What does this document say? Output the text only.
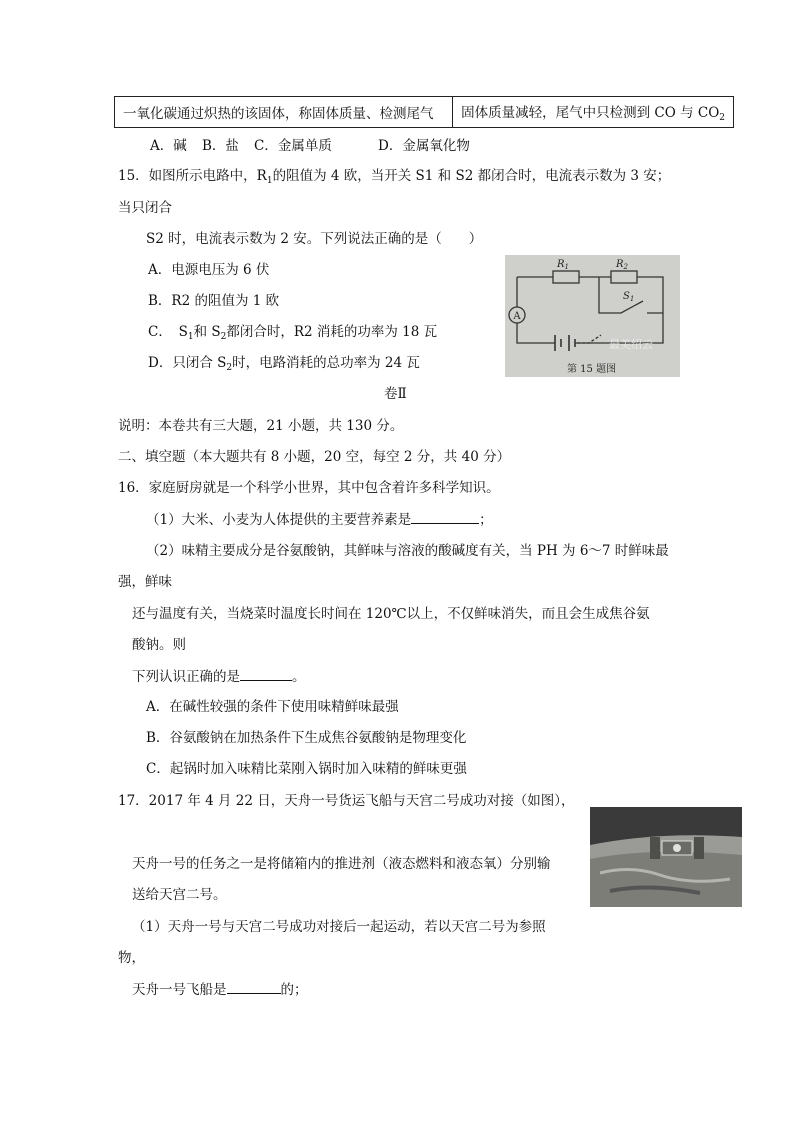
一氧化碳通过炽热的该固体，称固体质量、检测尾气	固体质量减轻，尾气中只检测到 CO 与 $CO_2$
A．碱 B．盐 C．金属单质	D．金属氧化物
15．如图所示电路中，$R_1$的阻值为 4 欧，当开关 S1 和 S2 都闭合时，电流表示数为 3 安；
当只闭合
S2 时，电流表示数为 2 安。下列说法正确的是（　　）
A．电源电压为 6 伏
B．R2 的阻值为 1 欧
C．　$S_1$和 $S_2$都闭合时，R2 消耗的功率为 18 瓦
D．只闭合 $S_2$时，电路消耗的总功率为 24 瓦
A
$R_1$	$R_2$
$S_1$
最美绍云
第 15 题图
卷Ⅱ
说明：本卷共有三大题，21 小题，共 130 分。
二、填空题（本大题共有 8 小题，20 空，每空 2 分，共 40 分）
16．家庭厨房就是一个科学小世界，其中包含着许多科学知识。
（1）大米、小麦为人体提供的主要营养素是	；
（2）味精主要成分是谷氨酸钠，其鲜味与溶液的酸碱度有关，当 PH 为 6～7 时鲜味最
强，鲜味
还与温度有关，当烧菜时温度长时间在 120℃以上，不仅鲜味消失，而且会生成焦谷氨
酸钠。则
下列认识正确的是	。
A．在碱性较强的条件下使用味精鲜味最强
B．谷氨酸钠在加热条件下生成焦谷氨酸钠是物理变化
C．起锅时加入味精比菜刚入锅时加入味精的鲜味更强
17．2017 年 4 月 22 日，天舟一号货运飞船与天宫二号成功对接（如图），
天舟一号的任务之一是将储箱内的推进剂（液态燃料和液态氧）分别输
送给天宫二号。
（1）天舟一号与天宫二号成功对接后一起运动，若以天宫二号为参照
物，
天舟一号飞船是	的；
